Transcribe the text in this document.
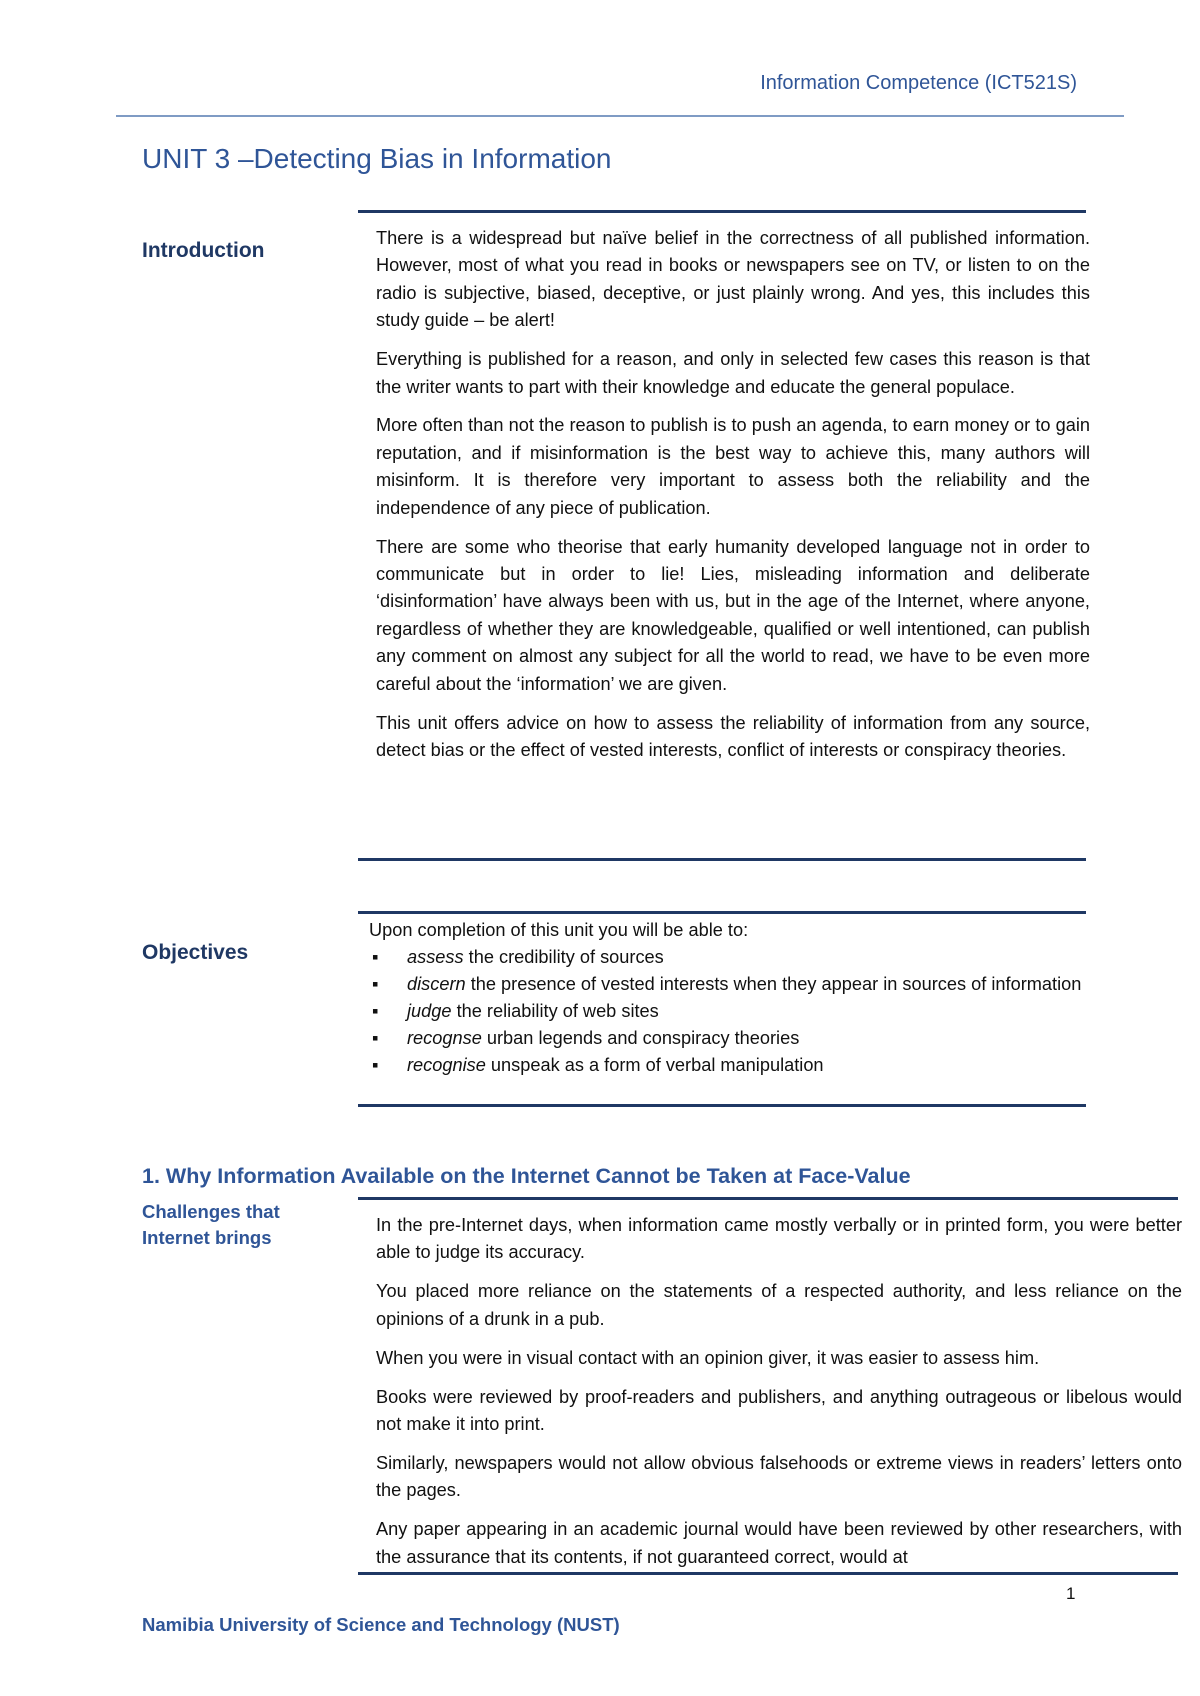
Information Competence (ICT521S)
UNIT 3 –Detecting Bias in Information
Introduction

There is a widespread but naïve belief in the correctness of all published information. However, most of what you read in books or newspapers see on TV, or listen to on the radio is subjective, biased, deceptive, or just plainly wrong. And yes, this includes this study guide – be alert!

Everything is published for a reason, and only in selected few cases this reason is that the writer wants to part with their knowledge and educate the general populace.

More often than not the reason to publish is to push an agenda, to earn money or to gain reputation, and if misinformation is the best way to achieve this, many authors will misinform. It is therefore very important to assess both the reliability and the independence of any piece of publication.

There are some who theorise that early humanity developed language not in order to communicate but in order to lie! Lies, misleading information and deliberate ‘disinformation’ have always been with us, but in the age of the Internet, where anyone, regardless of whether they are knowledgeable, qualified or well intentioned, can publish any comment on almost any subject for all the world to read, we have to be even more careful about the ‘information’ we are given.

This unit offers advice on how to assess the reliability of information from any source, detect bias or the effect of vested interests, conflict of interests or conspiracy theories.

Objectives
Upon completion of this unit you will be able to:
▪ assess the credibility of sources
▪ discern the presence of vested interests when they appear in sources of information
▪ judge the reliability of web sites
▪ recognse urban legends and conspiracy theories
▪ recognise unspeak as a form of verbal manipulation
1. Why Information Available on the Internet Cannot be Taken at Face-Value
Challenges that
Internet brings

In the pre-Internet days, when information came mostly verbally or in printed form, you were better able to judge its accuracy.

You placed more reliance on the statements of a respected authority, and less reliance on the opinions of a drunk in a pub.

When you were in visual contact with an opinion giver, it was easier to assess him.

Books were reviewed by proof-readers and publishers, and anything outrageous or libelous would not make it into print.

Similarly, newspapers would not allow obvious falsehoods or extreme views in readers’ letters onto the pages.

Any paper appearing in an academic journal would have been reviewed by other researchers, with the assurance that its contents, if not guaranteed correct, would at

1
Namibia University of Science and Technology (NUST)
